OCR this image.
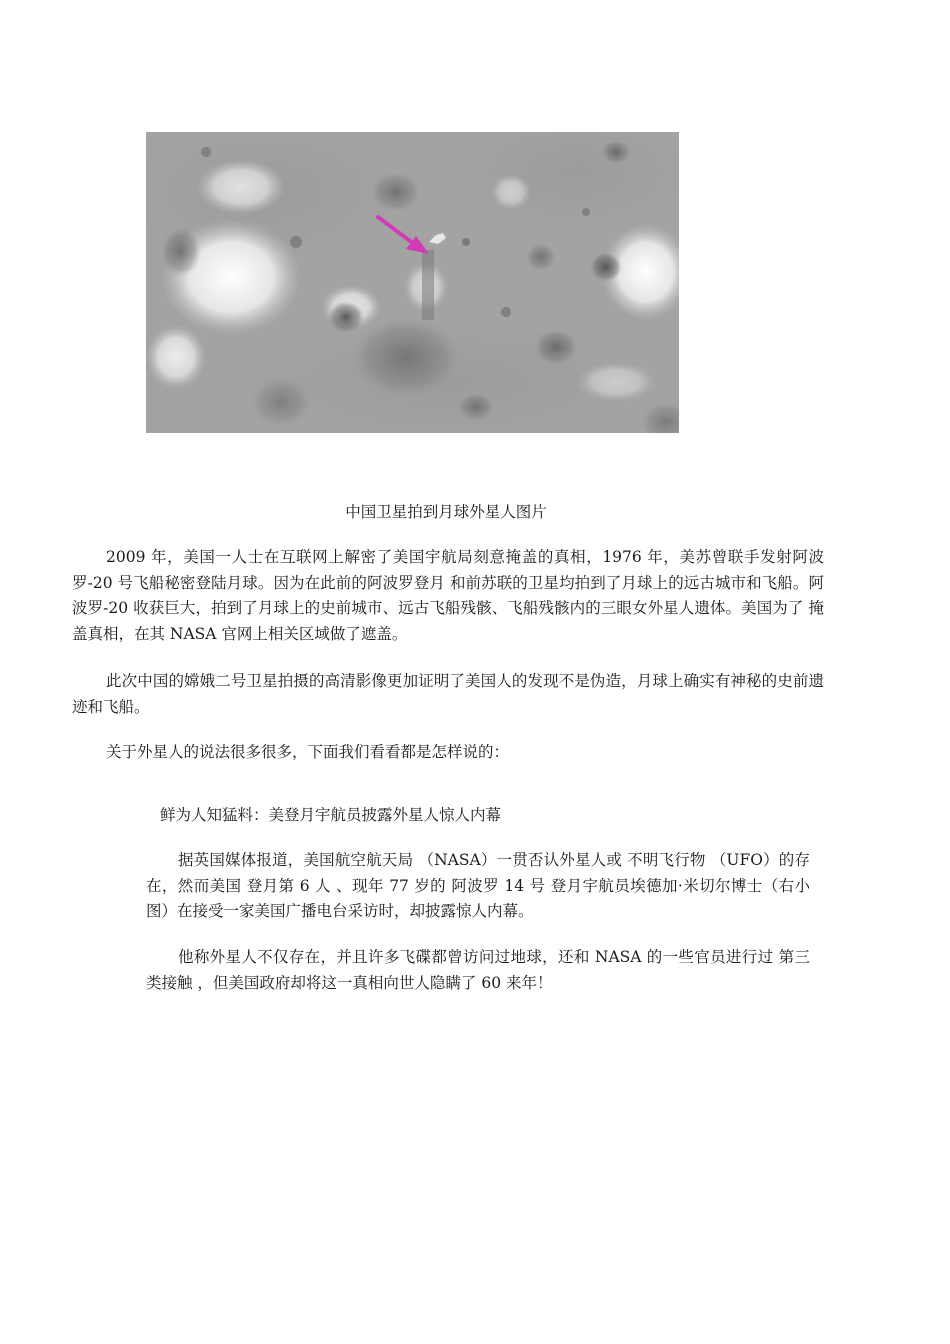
中国卫星拍到月球外星人图片

2009 年，美国一人士在互联网上解密了美国宇航局刻意掩盖的真相，1976 年，美苏曾联手发射阿波罗-20 号飞船秘密登陆月球。因为在此前的阿波罗登月 和前苏联的卫星均拍到了月球上的远古城市和飞船。阿波罗-20 收获巨大，拍到了月球上的史前城市、远古飞船残骸、飞船残骸内的三眼女外星人遗体。美国为了 掩盖真相，在其 NASA 官网上相关区域做了遮盖。

此次中国的嫦娥二号卫星拍摄的高清影像更加证明了美国人的发现不是伪造，月球上确实有神秘的史前遗迹和飞船。

关于外星人的说法很多很多，下面我们看看都是怎样说的：

鲜为人知猛料：美登月宇航员披露外星人惊人内幕

据英国媒体报道，美国航空航天局 （NASA）一贯否认外星人或 不明飞行物 （UFO）的存在，然而美国 登月第 6 人 、现年 77 岁的 阿波罗 14 号 登月宇航员埃德加·米切尔博士（右小图）在接受一家美国广播电台采访时，却披露惊人内幕。

他称外星人不仅存在，并且许多飞碟都曾访问过地球，还和 NASA 的一些官员进行过 第三类接触 ，但美国政府却将这一真相向世人隐瞒了 60 来年！
